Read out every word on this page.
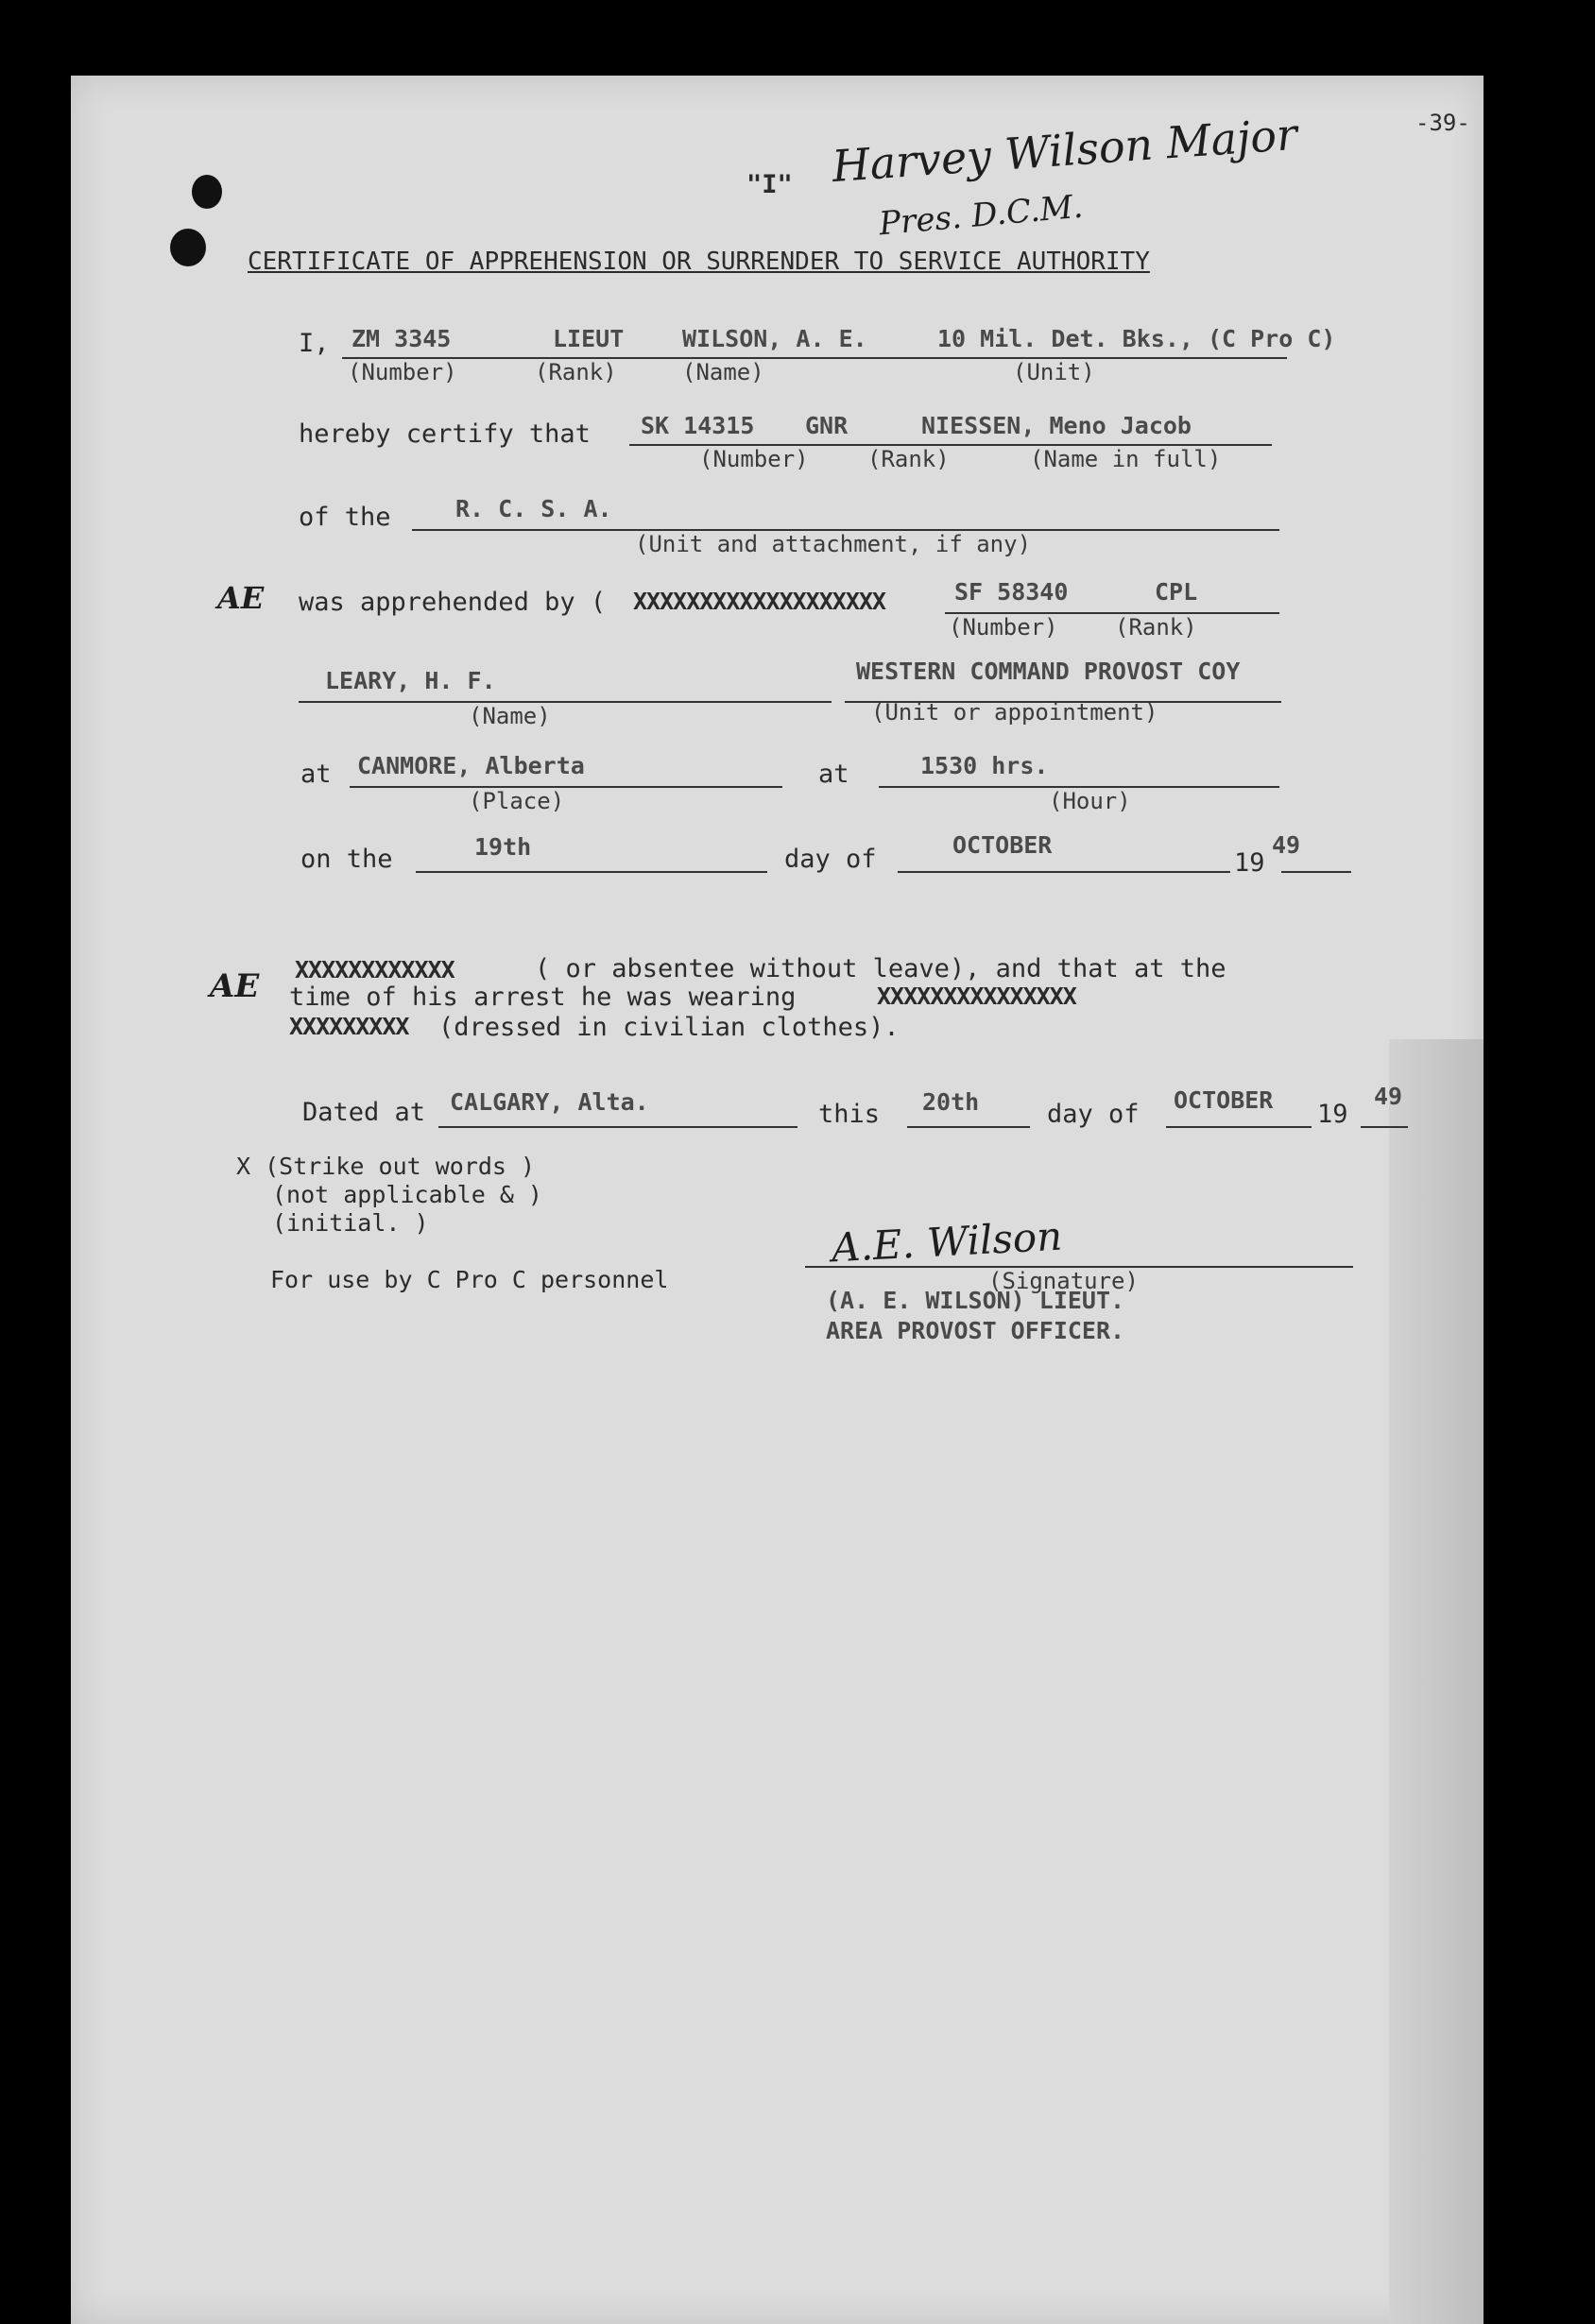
-39-
"I" Harvey Wilson Major
Pres. D.C.M.
CERTIFICATE OF APPREHENSION OR SURRENDER TO SERVICE AUTHORITY
I, ZM 3345	LIEUT WILSON, A. E.	10 Mil. Det. Bks., (C Pro C)
(Number)	(Rank)	(Name)	(Unit)
hereby certify that SK 14315 GNR	NIESSEN, Meno Jacob
(Number)	(Rank)	(Name in full)
of the	R. C. S. A.
(Unit and attachment, if any)
AE was apprehended by ( XXXXXXXXXXXXXXXXXXX	SF 58340	CPL
(Number)	(Rank)
LEARY, H. F.	WESTERN COMMAND PROVOST COY
(Name)	(Unit or appointment)
at CANMORE, Alberta	at	1530 hrs.
(Place)	(Hour)
on the	19th	day of	OCTOBER
19
49
AE XXXXXXXXXXXX	( or absentee without leave), and that at the
time of his arrest he was wearing	XXXXXXXXXXXXXXX
XXXXXXXXX (dressed in civilian clothes).
Dated at CALGARY, Alta.	this 20th	day of OCTOBER 19
49
X (Strike out words )
(not applicable & )
(initial. )
For use by C Pro C personnel
A.E. Wilson
(Signature)
(A. E. WILSON) LIEUT.
AREA PROVOST OFFICER.
